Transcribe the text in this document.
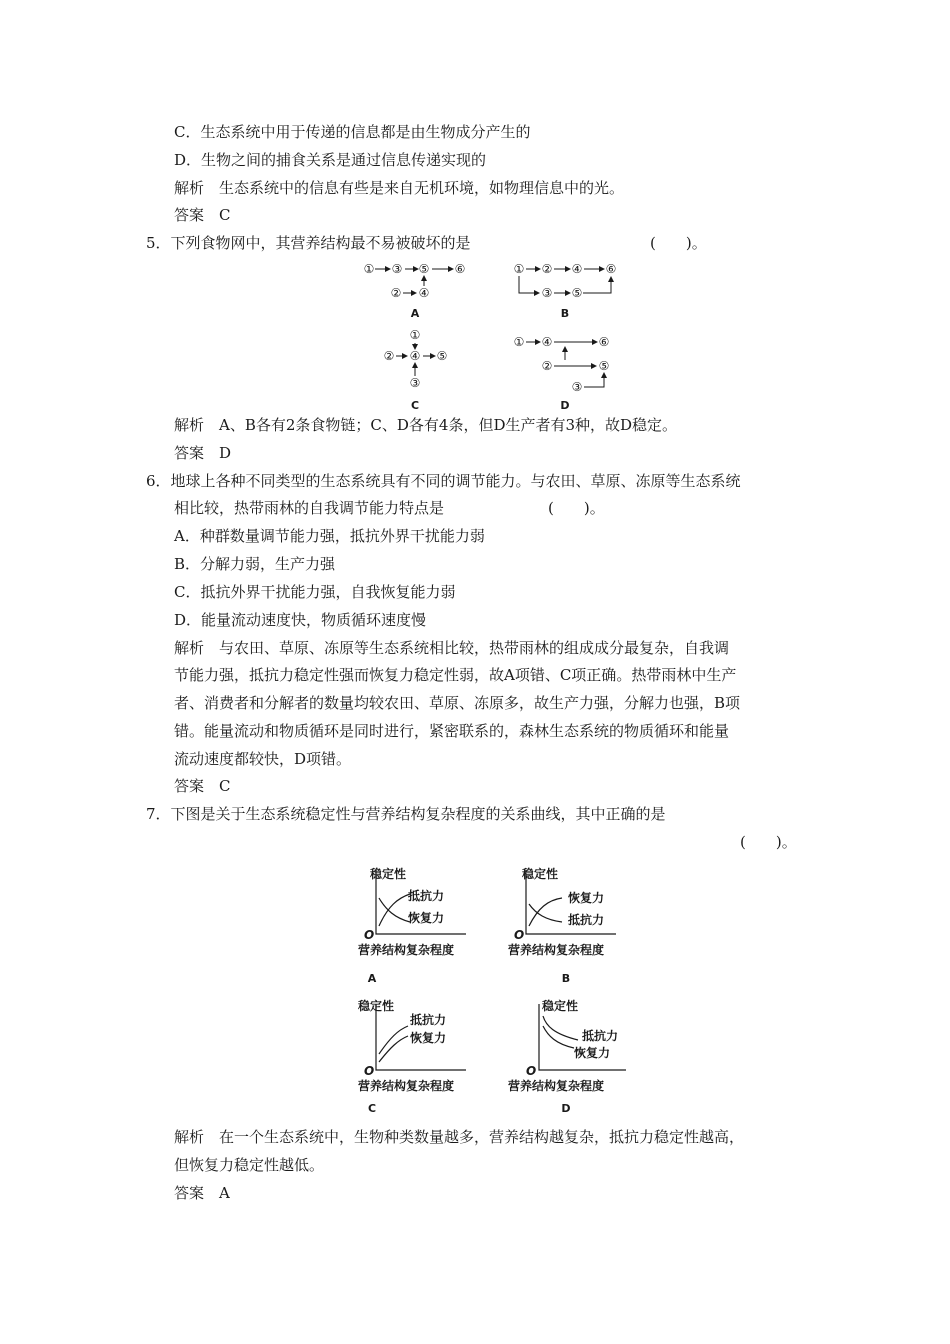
C．生态系统中用于传递的信息都是由生物成分产生的
D．生物之间的捕食关系是通过信息传递实现的
解析　生态系统中的信息有些是来自无机环境，如物理信息中的光。
答案　C
5．下列食物网中，其营养结构最不易被破坏的是	(　　)。
① ③ ⑤ ⑥
② ④
① ② ④ ⑥
③ ⑤
①
② ④ ⑤
③
① ④	⑥
②	⑤
③
A	B
C	D
解析　A、B各有2条食物链；C、D各有4条，但D生产者有3种，故D稳定。
答案　D
6．地球上各种不同类型的生态系统具有不同的调节能力。与农田、草原、冻原等生态系统
相比较，热带雨林的自我调节能力特点是	(　　)。
A．种群数量调节能力强，抵抗外界干扰能力弱
B．分解力弱，生产力强
C．抵抗外界干扰能力强，自我恢复能力弱
D．能量流动速度快，物质循环速度慢
解析　与农田、草原、冻原等生态系统相比较，热带雨林的组成成分最复杂，自我调
节能力强，抵抗力稳定性强而恢复力稳定性弱，故A项错、C项正确。热带雨林中生产
者、消费者和分解者的数量均较农田、草原、冻原多，故生产力强，分解力也强，B项
错。能量流动和物质循环是同时进行，紧密联系的，森林生态系统的物质循环和能量
流动速度都较快，D项错。
答案　C
7．下图是关于生态系统稳定性与营养结构复杂程度的关系曲线，其中正确的是
(　　)。
稳定性
抵抗力
恢复力
O
营养结构复杂程度
稳定性
恢复力
抵抗力
O
营养结构复杂程度
稳定性
抵抗力
恢复力
O
营养结构复杂程度
稳定性
抵抗力
恢复力
O
营养结构复杂程度
A	B
C	D
解析　在一个生态系统中，生物种类数量越多，营养结构越复杂，抵抗力稳定性越高，
但恢复力稳定性越低。
答案　A
